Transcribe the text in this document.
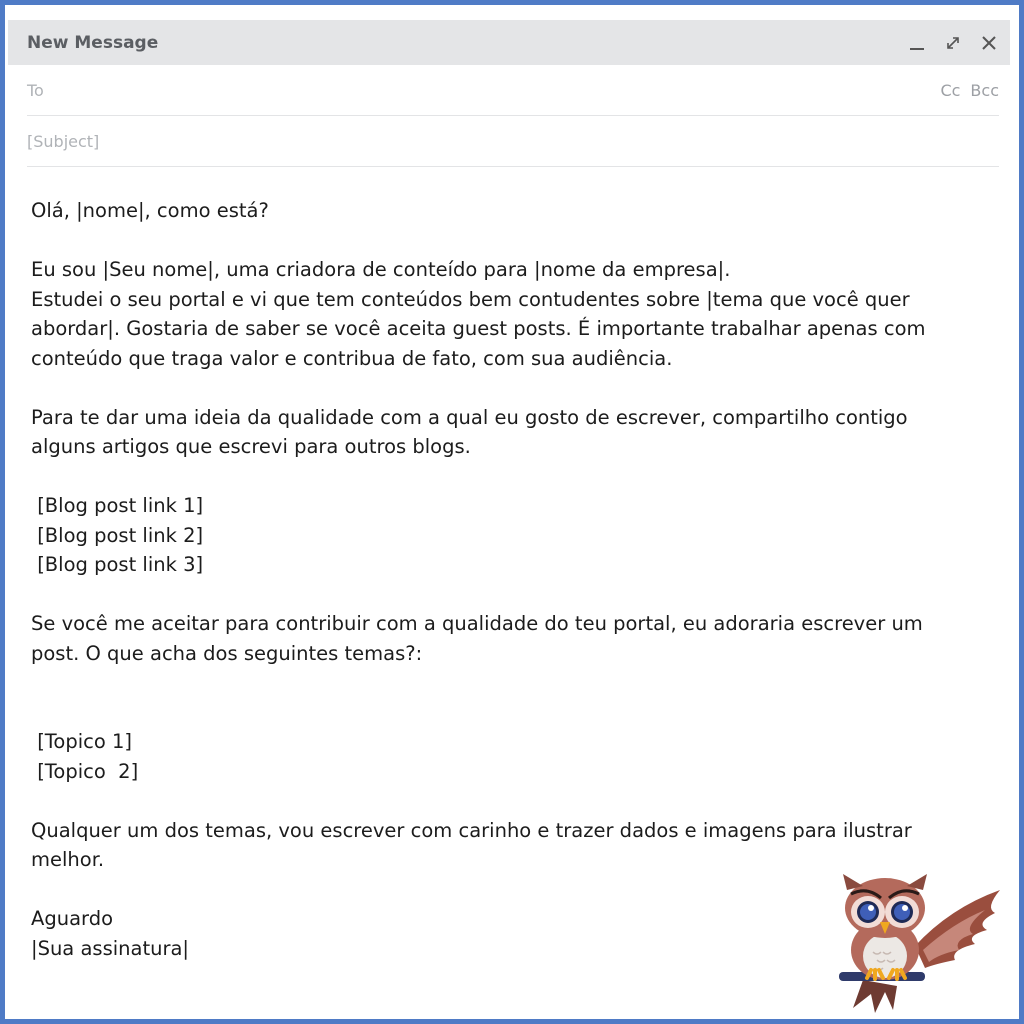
New Message
To	Cc Bcc
[Subject]
Olá, |nome|, como está?
Eu sou |Seu nome|, uma criadora de conteído para |nome da empresa|.
Estudei o seu portal e vi que tem conteúdos bem contudentes sobre |tema que você quer
abordar|. Gostaria de saber se você aceita guest posts. É importante trabalhar apenas com
conteúdo que traga valor e contribua de fato, com sua audiência.
Para te dar uma ideia da qualidade com a qual eu gosto de escrever, compartilho contigo
alguns artigos que escrevi para outros blogs.
[Blog post link 1]
[Blog post link 2]
[Blog post link 3]
Se você me aceitar para contribuir com a qualidade do teu portal, eu adoraria escrever um
post. O que acha dos seguintes temas?:
[Topico 1]
[Topico  2]
Qualquer um dos temas, vou escrever com carinho e trazer dados e imagens para ilustrar
melhor.
Aguardo
|Sua assinatura|
